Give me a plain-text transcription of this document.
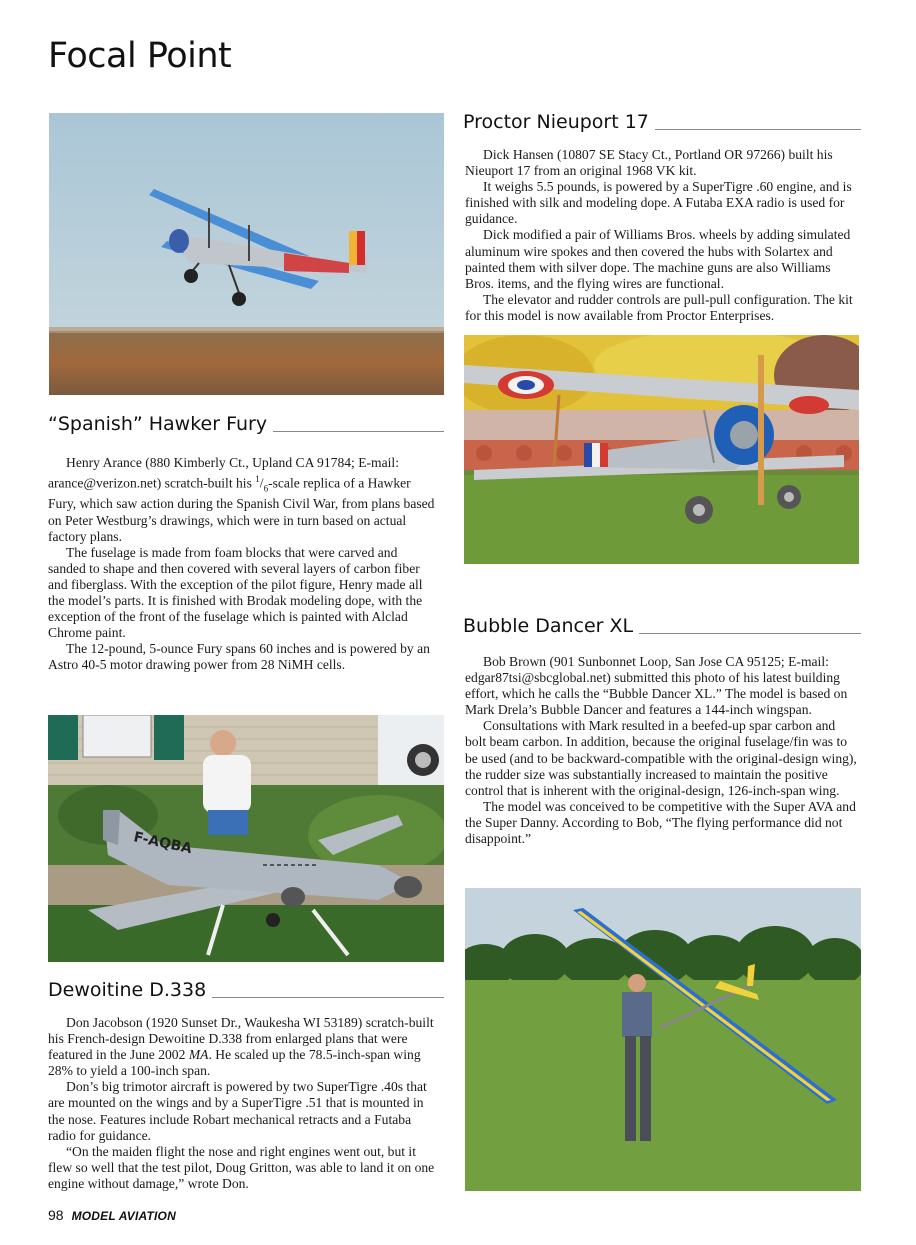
Focal Point
“Spanish” Hawker Fury

Henry Arance (880 Kimberly Ct., Upland CA 91784; E-mail: arance@verizon.net) scratch-built his $^1/_6$-scale replica of a Hawker Fury, which saw action during the Spanish Civil War, from plans based on Peter Westburg’s drawings, which were in turn based on actual factory plans.

The fuselage is made from foam blocks that were carved and sanded to shape and then covered with several layers of carbon fiber and fiberglass. With the exception of the pilot figure, Henry made all the model’s parts. It is finished with Brodak modeling dope, with the exception of the front of the fuselage which is painted with Alclad Chrome paint.

The 12-pound, 5-ounce Fury spans 60 inches and is powered by an Astro 40-5 motor drawing power from 28 NiMH cells.

F-AQBA
Dewoitine D.338

Don Jacobson (1920 Sunset Dr., Waukesha WI 53189) scratch-built his French-design Dewoitine D.338 from enlarged plans that were featured in the June 2002 MA. He scaled up the 78.5-inch-span wing 28% to yield a 100-inch span.

Don’s big trimotor aircraft is powered by two SuperTigre .40s that are mounted on the wings and by a SuperTigre .51 that is mounted in the nose. Features include Robart mechanical retracts and a Futaba radio for guidance.

“On the maiden flight the nose and right engines went out, but it flew so well that the test pilot, Doug Gritton, was able to land it on one engine without damage,” wrote Don.

Proctor Nieuport 17

Dick Hansen (10807 SE Stacy Ct., Portland OR 97266) built his Nieuport 17 from an original 1968 VK kit.

It weighs 5.5 pounds, is powered by a SuperTigre .60 engine, and is finished with silk and modeling dope. A Futaba EXA radio is used for guidance.

Dick modified a pair of Williams Bros. wheels by adding simulated aluminum wire spokes and then covered the hubs with Solartex and painted them with silver dope. The machine guns are also Williams Bros. items, and the flying wires are functional.

The elevator and rudder controls are pull-pull configuration. The kit for this model is now available from Proctor Enterprises.

Bubble Dancer XL

Bob Brown (901 Sunbonnet Loop, San Jose CA 95125; E-mail: edgar87tsi@sbcglobal.net) submitted this photo of his latest building effort, which he calls the “Bubble Dancer XL.” The model is based on Mark Drela’s Bubble Dancer and features a 144-inch wingspan.

Consultations with Mark resulted in a beefed-up spar carbon and bolt beam carbon. In addition, because the original fuselage/fin was to be used (and to be backward-compatible with the original-design wing), the rudder size was substantially increased to maintain the positive control that is inherent with the original-design, 126-inch-span wing.

The model was conceived to be competitive with the Super AVA and the Super Danny. According to Bob, “The flying performance did not disappoint.”

98 MODEL AVIATION
